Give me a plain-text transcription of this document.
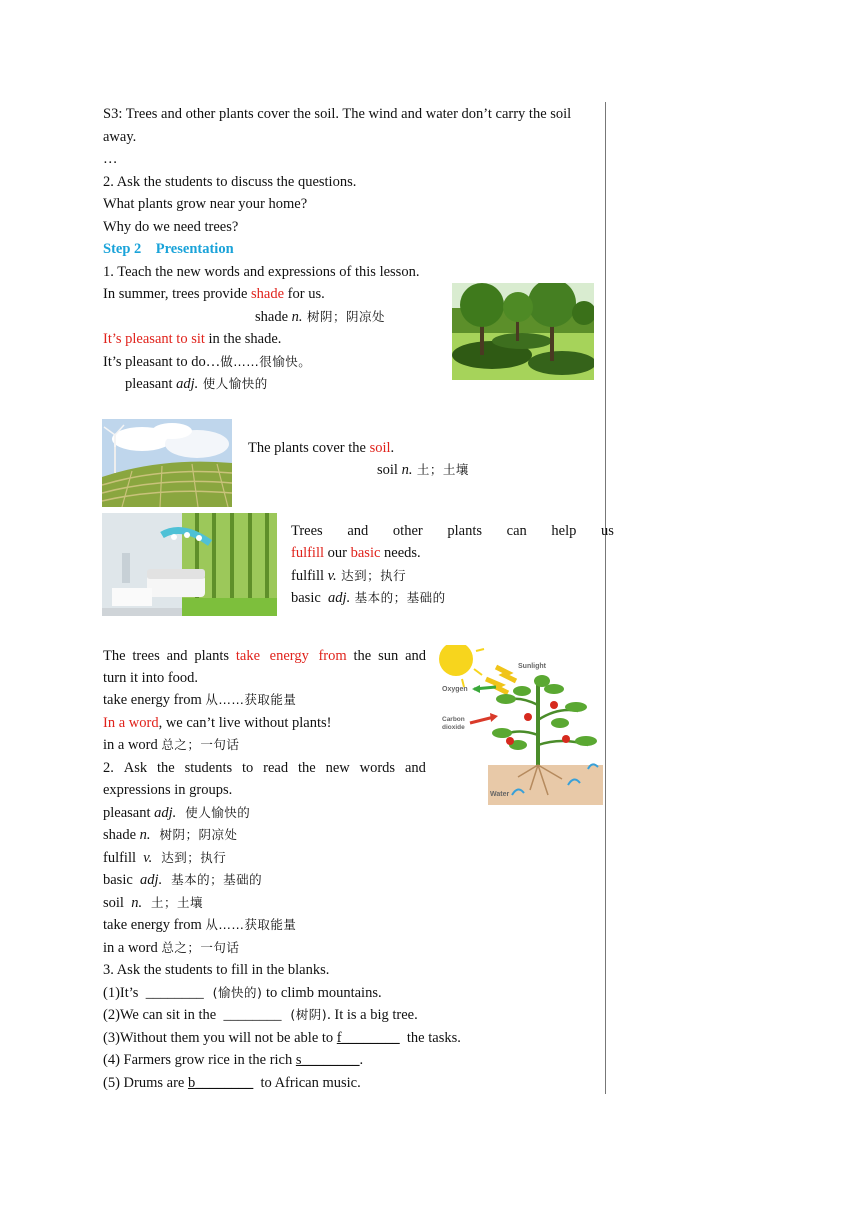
S3: Trees and other plants cover the soil. The wind and water don’t carry the soil
away.
…
2. Ask the students to discuss the questions.
What plants grow near your home?
Why do we need trees?
Step 2    Presentation
1. Teach the new words and expressions of this lesson.
In summer, trees provide shade for us.
shade n. 树阴；阴凉处
It’s pleasant to sit in the shade.
It’s pleasant to do…做……很愉快。
pleasant adj. 使人愉快的
The plants cover the soil.
soil n. 土；土壤
Trees and other plants can help us
fulfill our basic needs.
fulfill v. 达到；执行
basic  adj. 基本的；基础的
The trees and plants take energy from the sun and
turn it into food.
take energy from 从……获取能量
In a word, we can’t live without plants!
in a word 总之；一句话
2. Ask the students to read the new words and
expressions in groups.
Sunlight
Oxygen
Carbon
dioxide
Water
pleasant adj.  使人愉快的
shade n.  树阴；阴凉处
fulfill  v.  达到；执行
basic  adj.  基本的；基础的
soil  n.  土；土壤
take energy from 从……获取能量
in a word 总之；一句话
3. Ask the students to fill in the blanks.
(1)It’s  ________  (愉快的) to climb mountains.
(2)We can sit in the  ________  (树阴). It is a big tree.
(3)Without them you will not be able to f________  the tasks.
(4) Farmers grow rice in the rich s________.
(5) Drums are b________  to African music.
